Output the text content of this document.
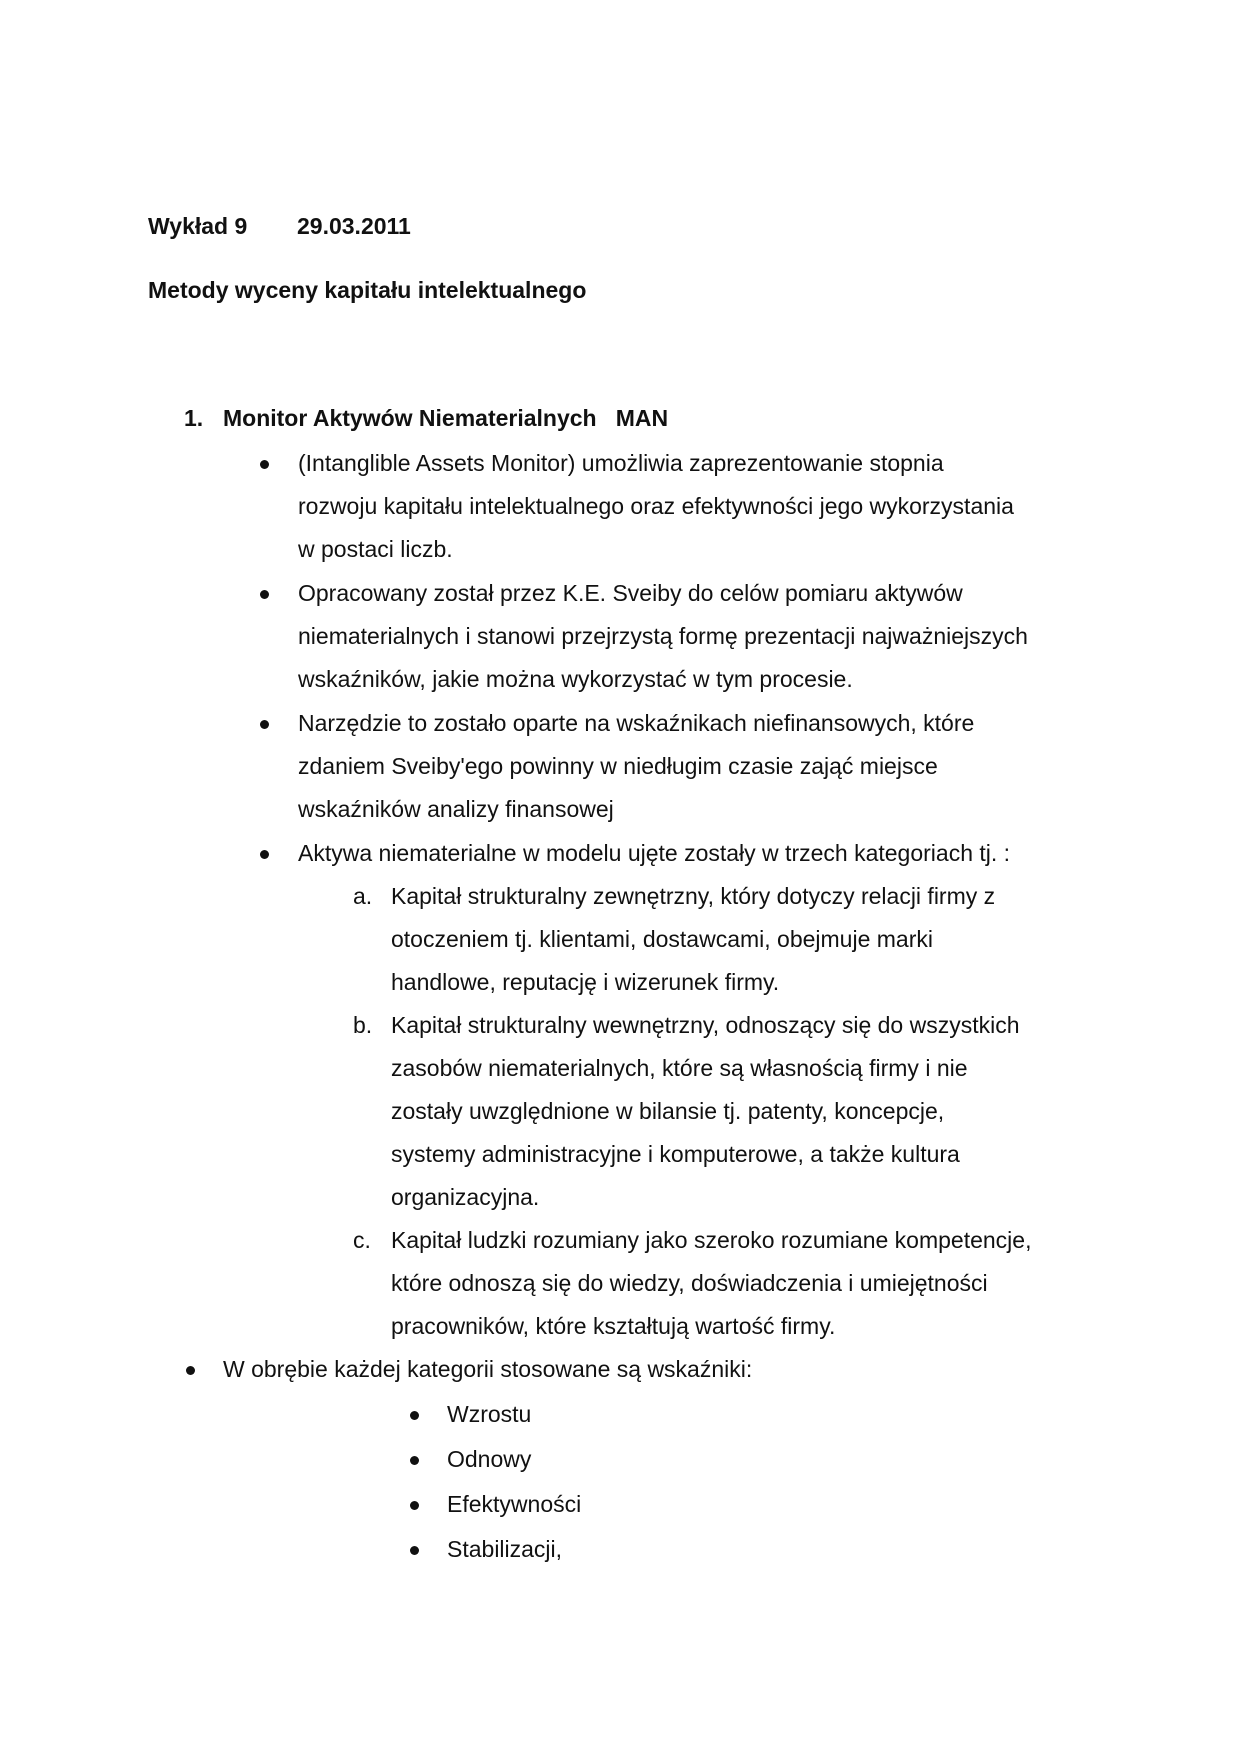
Wykład 9 29.03.2011
Metody wyceny kapitału intelektualnego
1. Monitor Aktywów Niematerialnych   MAN
(Intanglible Assets Monitor) umożliwia zaprezentowanie stopnia
rozwoju kapitału intelektualnego oraz efektywności jego wykorzystania
w postaci liczb.
Opracowany został przez K.E. Sveiby do celów pomiaru aktywów
niematerialnych i stanowi przejrzystą formę prezentacji najważniejszych
wskaźników, jakie można wykorzystać w tym procesie.
Narzędzie to zostało oparte na wskaźnikach niefinansowych, które
zdaniem Sveiby'ego powinny w niedługim czasie zająć miejsce
wskaźników analizy finansowej
Aktywa niematerialne w modelu ujęte zostały w trzech kategoriach tj. :
a. Kapitał strukturalny zewnętrzny, który dotyczy relacji firmy z
otoczeniem tj. klientami, dostawcami, obejmuje marki
handlowe, reputację i wizerunek firmy.
b. Kapitał strukturalny wewnętrzny, odnoszący się do wszystkich
zasobów niematerialnych, które są własnością firmy i nie
zostały uwzględnione w bilansie tj. patenty, koncepcje,
systemy administracyjne i komputerowe, a także kultura
organizacyjna.
c. Kapitał ludzki rozumiany jako szeroko rozumiane kompetencje,
które odnoszą się do wiedzy, doświadczenia i umiejętności
pracowników, które kształtują wartość firmy.
W obrębie każdej kategorii stosowane są wskaźniki:
Wzrostu
Odnowy
Efektywności
Stabilizacji,
